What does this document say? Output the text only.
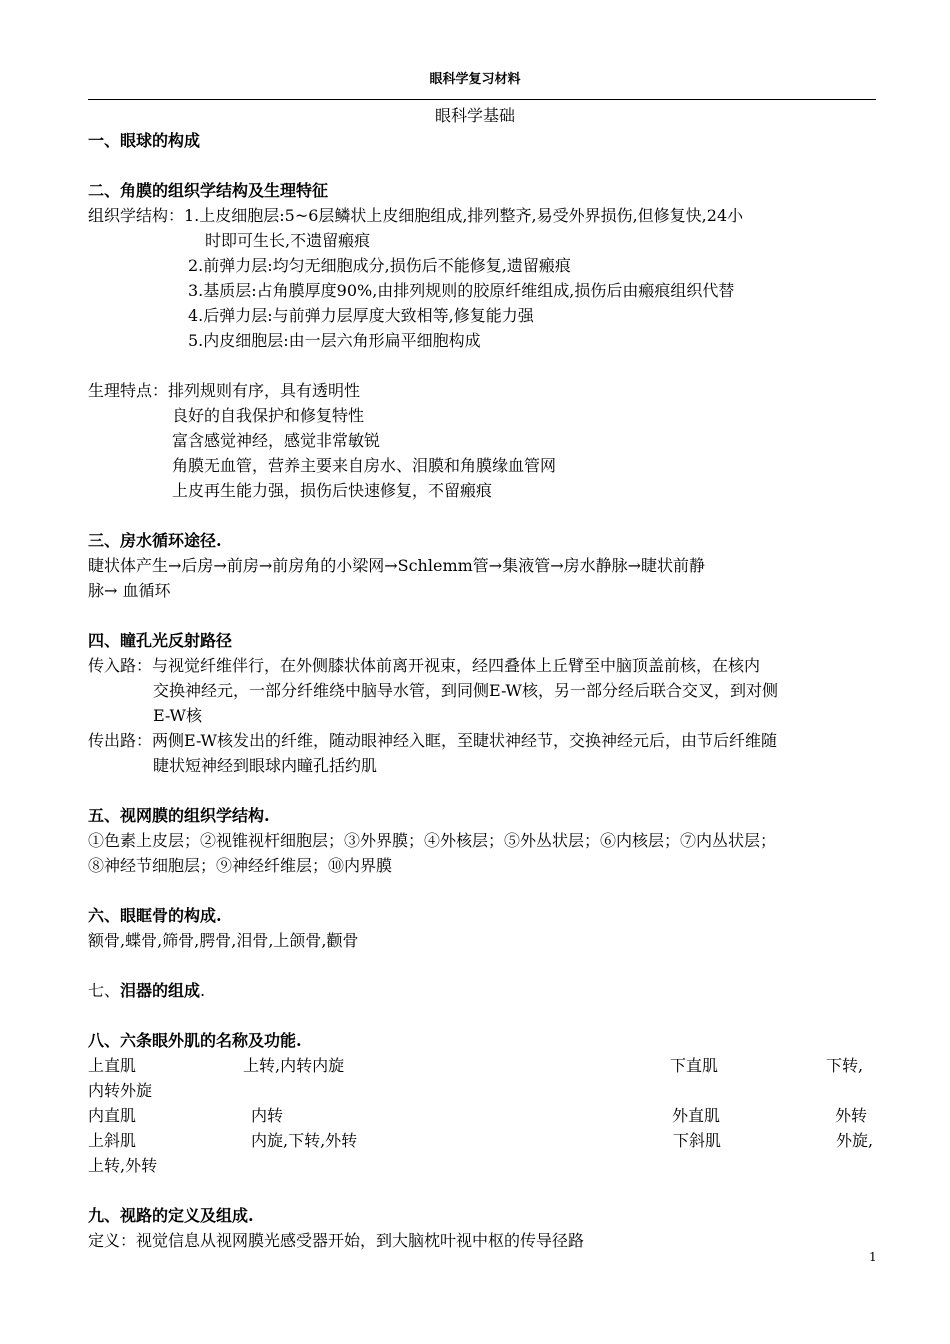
眼科学复习材料
眼科学基础
一、眼球的构成
二、角膜的组织学结构及生理特征
组织学结构：1.上皮细胞层:5~6层鳞状上皮细胞组成,排列整齐,易受外界损伤,但修复快,24小
时即可生长,不遗留瘢痕
2.前弹力层:均匀无细胞成分,损伤后不能修复,遗留瘢痕
3.基质层:占角膜厚度90%,由排列规则的胶原纤维组成,损伤后由瘢痕组织代替
4.后弹力层:与前弹力层厚度大致相等,修复能力强
5.内皮细胞层:由一层六角形扁平细胞构成
生理特点：排列规则有序，具有透明性
良好的自我保护和修复特性
富含感觉神经，感觉非常敏锐
角膜无血管，营养主要来自房水、泪膜和角膜缘血管网
上皮再生能力强，损伤后快速修复，不留瘢痕
三、房水循环途径.
睫状体产生→后房→前房→前房角的小梁网→Schlemm管→集液管→房水静脉→睫状前静
脉→ 血循环
四、瞳孔光反射路径
传入路：与视觉纤维伴行，在外侧膝状体前离开视束，经四叠体上丘臂至中脑顶盖前核，在核内
交换神经元，一部分纤维绕中脑导水管，到同侧E-W核，另一部分经后联合交叉，到对侧
E-W核
传出路：两侧E-W核发出的纤维，随动眼神经入眶，至睫状神经节，交换神经元后，由节后纤维随
睫状短神经到眼球内瞳孔括约肌
五、视网膜的组织学结构.
①色素上皮层；②视锥视杆细胞层；③外界膜；④外核层；⑤外丛状层；⑥内核层；⑦内丛状层；
⑧神经节细胞层；⑨神经纤维层；⑩内界膜
六、眼眶骨的构成.
额骨,蝶骨,筛骨,腭骨,泪骨,上颌骨,颧骨
七、泪器的组成.
八、六条眼外肌的名称及功能.
上直肌	上转,内转内旋	下直肌	下转,
内转外旋
内直肌	内转	外直肌	外转
上斜肌	内旋,下转,外转	下斜肌	外旋,
上转,外转
九、视路的定义及组成.
定义：视觉信息从视网膜光感受器开始，到大脑枕叶视中枢的传导径路
1
